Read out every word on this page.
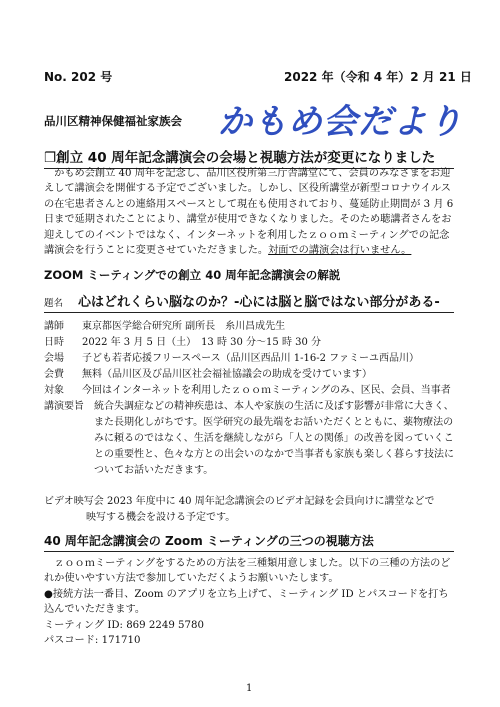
No. 202 号	2022 年（令和 4 年）2 月 21 日
品川区精神保健福祉家族会 かもめ会だより
❐創立 40 周年記念講演会の会場と視聴方法が変更になりました

　かもめ会創立 40 周年を記念し、品川区役所第三庁舎講堂にて、会員のみなさまをお迎えして講演会を開催する予定でございました。しかし、区役所講堂が新型コロナウイルスの在宅患者さんとの連絡用スペースとして現在も使用されており、蔓延防止期間が 3 月 6 日まで延期されたことにより、講堂が使用できなくなりました。そのため聴講者さんをお迎えしてのイベントではなく、インターネットを利用したｚｏｏｍミーティングでの記念講演会を行うことに変更させていただきました。対面での講演会は行いません。

ZOOM ミーティングでの創立 40 周年記念講演会の解説
題名 心はどれくらい脳なのか？-心には脳と脳ではない部分がある-
講師	東京都医学総合研究所 副所長　糸川昌成先生
日時	2022 年 3 月 5 日（土）　13 時 30 分〜15 時 30 分
会場	子ども若者応援フリースペース（品川区西品川 1-16-2 ファミーユ西品川）
会費	無料（品川区及び品川区社会福祉協議会の助成を受けています）
対象	今回はインターネットを利用したｚｏｏｍミーティングのみ、区民、会員、当事者
講演要旨	統合失調症などの精神疾患は、本人や家族の生活に及ぼす影響が非常に大きく、また長期化しがちです。医学研究の最先端をお話いただくとともに、薬物療法のみに頼るのではなく、生活を継続しながら「人との関係」の改善を図っていくことの重要性と、色々な方との出会いのなかで当事者も家族も楽しく暮らす技法についてお話いただきます。
ビデオ映写会 2023 年度中に 40 周年記念講演会のビデオ記録を会員向けに講堂などで
映写する機会を設ける予定です。
40 周年記念講演会の Zoom ミーティングの三つの視聴方法

　ｚｏｏｍミーティングをするための方法を三種類用意しました。以下の三種の方法のどれか使いやすい方法で参加していただくようお願いいたします。

●接続方法一番目、Zoom のアプリを立ち上げて、ミーティング ID とパスコードを打ち込んでいただきます。

ミーティング ID: 869 2249 5780

パスコード: 171710

1
